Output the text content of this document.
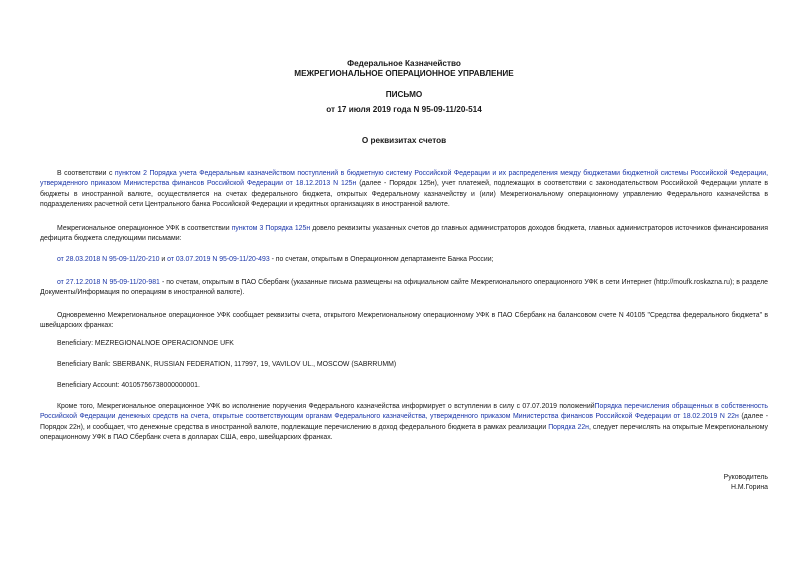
Федеральное Казначейство
МЕЖРЕГИОНАЛЬНОЕ ОПЕРАЦИОННОЕ УПРАВЛЕНИЕ
ПИСЬМО
от 17 июля 2019 года N 95-09-11/20-514
О реквизитах счетов

В соответствии с пунктом 2 Порядка учета Федеральным казначейством поступлений в бюджетную систему Российской Федерации и их распределения между бюджетами бюджетной системы Российской Федерации, утвержденного приказом Министерства финансов Российской Федерации от 18.12.2013 N 125н (далее - Порядок 125н), учет платежей, подлежащих в соответствии с законодательством Российской Федерации уплате в бюджеты в иностранной валюте, осуществляется на счетах федерального бюджета, открытых Федеральному казначейству и (или) Межрегиональному операционному управлению Федерального казначейства в подразделениях расчетной сети Центрального банка Российской Федерации и кредитных организациях в иностранной валюте.

Межрегиональное операционное УФК в соответствии пунктом 3 Порядка 125н довело реквизиты указанных счетов до главных администраторов доходов бюджета, главных администраторов источников финансирования дефицита бюджета следующими письмами:

от 28.03.2018 N 95-09-11/20-210 и от 03.07.2019 N 95-09-11/20-493 - по счетам, открытым в Операционном департаменте Банка России;

от 27.12.2018 N 95-09-11/20-981 - по счетам, открытым в ПАО Сбербанк (указанные письма размещены на официальном сайте Межрегионального операционного УФК в сети Интернет (http://moufk.roskazna.ru); в разделе Документы/Информация по операциям в иностранной валюте).

Одновременно Межрегиональное операционное УФК сообщает реквизиты счета, открытого Межрегиональному операционному УФК в ПАО Сбербанк на балансовом счете N 40105 "Средства федерального бюджета" в швейцарских франках:

Beneficiary: MEZREGIONALNOE OPERACIONNOE UFK

Beneficiary Bank: SBERBANK, RUSSIAN FEDERATION, 117997, 19, VAVILOV UL., MOSCOW (SABRRUMM)

Beneficiary Account: 40105756738000000001.

Кроме того, Межрегиональное операционное УФК во исполнение поручения Федерального казначейства информирует о вступлении в силу с 07.07.2019 положенийПорядка перечисления обращенных в собственность Российской Федерации денежных средств на счета, открытые соответствующим органам Федерального казначейства, утвержденного приказом Министерства финансов Российской Федерации от 18.02.2019 N 22н (далее - Порядок 22н), и сообщает, что денежные средства в иностранной валюте, подлежащие перечислению в доход федерального бюджета в рамках реализации Порядка 22н, следует перечислять на открытые Межрегиональному операционному УФК в ПАО Сбербанк счета в долларах США, евро, швейцарских франках.

Руководитель
Н.М.Горина
